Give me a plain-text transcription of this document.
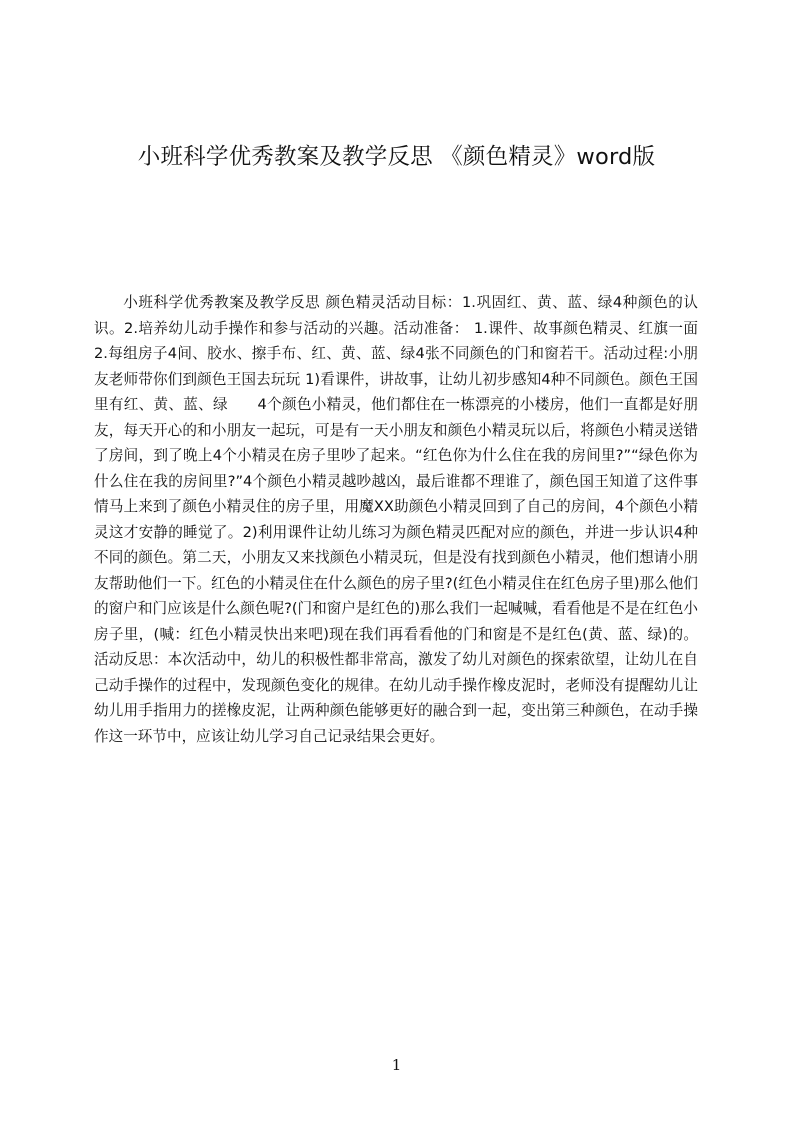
小班科学优秀教案及教学反思 《颜色精灵》word版

小班科学优秀教案及教学反思 颜色精灵活动目标：1.巩固红、黄、蓝、绿4种颜色的认识。2.培养幼儿动手操作和参与活动的兴趣。活动准备： 1.课件、故事颜色精灵、红旗一面 2.每组房子4间、胶水、擦手布、红、黄、蓝、绿4张不同颜色的门和窗若干。活动过程:小朋友老师带你们到颜色王国去玩玩 1)看课件，讲故事，让幼儿初步感知4种不同颜色。颜色王国里有红、黄、蓝、绿　　4个颜色小精灵，他们都住在一栋漂亮的小楼房，他们一直都是好朋友，每天开心的和小朋友一起玩，可是有一天小朋友和颜色小精灵玩以后，将颜色小精灵送错了房间，到了晚上4个小精灵在房子里吵了起来。“红色你为什么住在我的房间里?”“绿色你为什么住在我的房间里?”4个颜色小精灵越吵越凶，最后谁都不理谁了，颜色国王知道了这件事情马上来到了颜色小精灵住的房子里，用魔XX助颜色小精灵回到了自己的房间，4个颜色小精灵这才安静的睡觉了。2)利用课件让幼儿练习为颜色精灵匹配对应的颜色，并进一步认识4种不同的颜色。第二天，小朋友又来找颜色小精灵玩，但是没有找到颜色小精灵，他们想请小朋友帮助他们一下。红色的小精灵住在什么颜色的房子里?(红色小精灵住在红色房子里)那么他们的窗户和门应该是什么颜色呢?(门和窗户是红色的)那么我们一起喊喊，看看他是不是在红色小房子里，(喊：红色小精灵快出来吧)现在我们再看看他的门和窗是不是红色(黄、蓝、绿)的。活动反思：本次活动中，幼儿的积极性都非常高，激发了幼儿对颜色的探索欲望，让幼儿在自己动手操作的过程中，发现颜色变化的规律。在幼儿动手操作橡皮泥时，老师没有提醒幼儿让幼儿用手指用力的搓橡皮泥，让两种颜色能够更好的融合到一起，变出第三种颜色，在动手操作这一环节中，应该让幼儿学习自己记录结果会更好。

1
